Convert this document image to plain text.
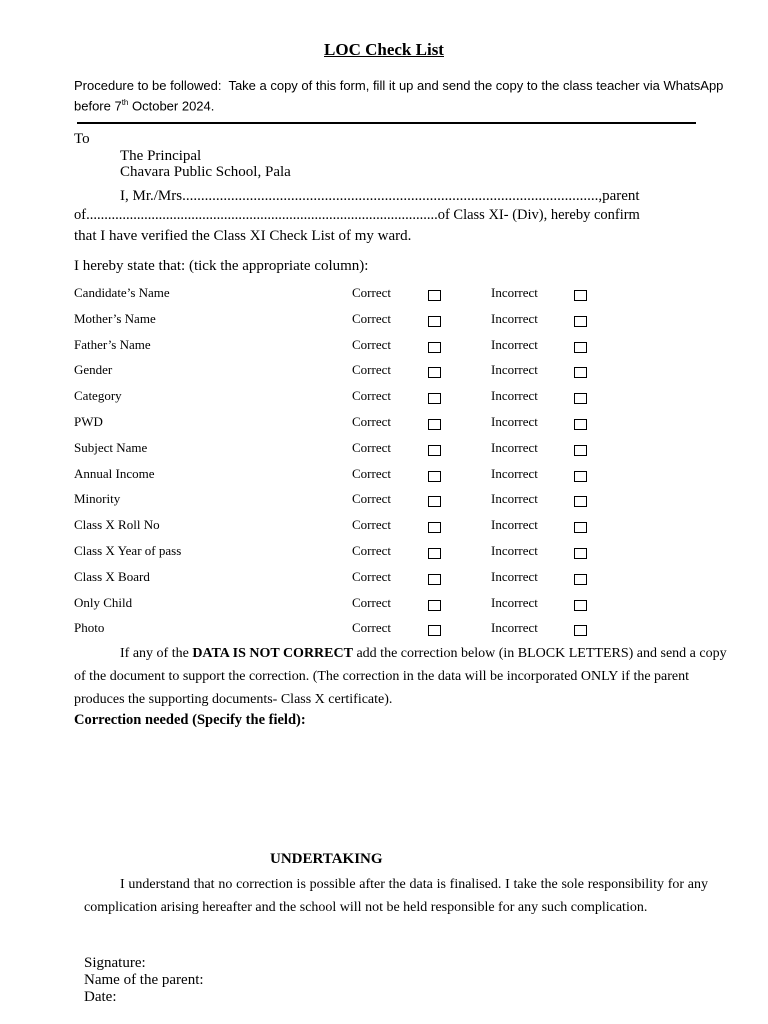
LOC Check List
Procedure to be followed: Take a copy of this form, fill it up and send the copy to the class teacher via WhatsApp before 7th October 2024.
To
The Principal
Chavara Public School, Pala
I, Mr./Mrs...............................................................................................................,parent
of.................................................................................................of Class XI- (Div), hereby confirm
that I have verified the Class XI Check List of my ward.
I hereby state that: (tick the appropriate column):
Candidate’s Name	Correct	Incorrect
Mother’s Name	Correct	Incorrect
Father’s Name	Correct	Incorrect
Gender	Correct	Incorrect
Category	Correct	Incorrect
PWD	Correct	Incorrect
Subject Name	Correct	Incorrect
Annual Income	Correct	Incorrect
Minority	Correct	Incorrect
Class X Roll No	Correct	Incorrect
Class X Year of pass	Correct	Incorrect
Class X Board	Correct	Incorrect
Only Child	Correct	Incorrect
Photo	Correct	Incorrect
If any of the DATA IS NOT CORRECT add the correction below (in BLOCK LETTERS) and send a copy of the document to support the correction. (The correction in the data will be incorporated ONLY if the parent produces the supporting documents- Class X certificate).
Correction needed (Specify the field):
UNDERTAKING
I understand that no correction is possible after the data is finalised. I take the sole responsibility for any complication arising hereafter and the school will not be held responsible for any such complication.
Signature:
Name of the parent:
Date:
